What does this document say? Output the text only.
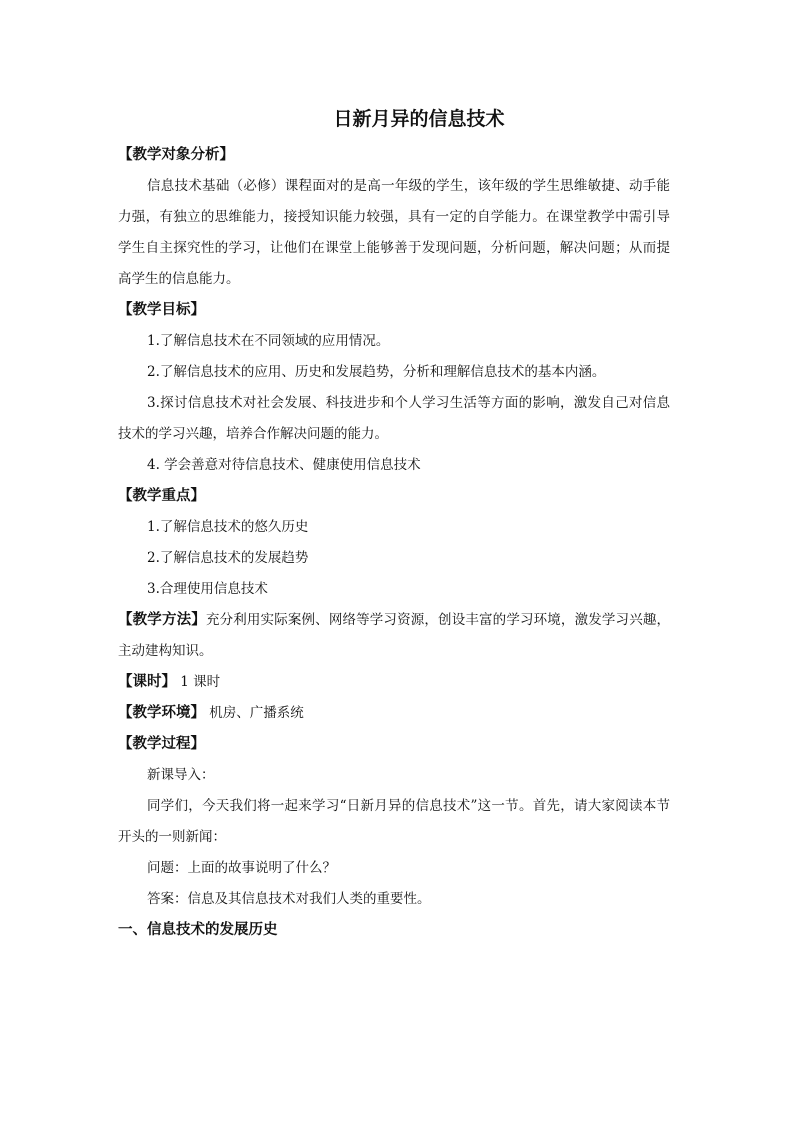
日新月异的信息技术
【教学对象分析】
信息技术基础（必修）课程面对的是高一年级的学生，该年级的学生思维敏捷、动手能力强，有独立的思维能力，接授知识能力较强，具有一定的自学能力。在课堂教学中需引导学生自主探究性的学习，让他们在课堂上能够善于发现问题，分析问题，解决问题；从而提高学生的信息能力。
【教学目标】
1.了解信息技术在不同领域的应用情况。
2.了解信息技术的应用、历史和发展趋势，分析和理解信息技术的基本内涵。
3.探讨信息技术对社会发展、科技进步和个人学习生活等方面的影响，激发自己对信息技术的学习兴趣，培养合作解决问题的能力。
4. 学会善意对待信息技术、健康使用信息技术
【教学重点】
1.了解信息技术的悠久历史
2.了解信息技术的发展趋势
3.合理使用信息技术
【教学方法】充分利用实际案例、网络等学习资源，创设丰富的学习环境，激发学习兴趣，主动建构知识。
【课时】 1 课时
【教学环境】 机房、广播系统
【教学过程】
新课导入：
同学们，今天我们将一起来学习“日新月异的信息技术”这一节。首先，请大家阅读本节开头的一则新闻：
问题：上面的故事说明了什么？
答案：信息及其信息技术对我们人类的重要性。
一、信息技术的发展历史
